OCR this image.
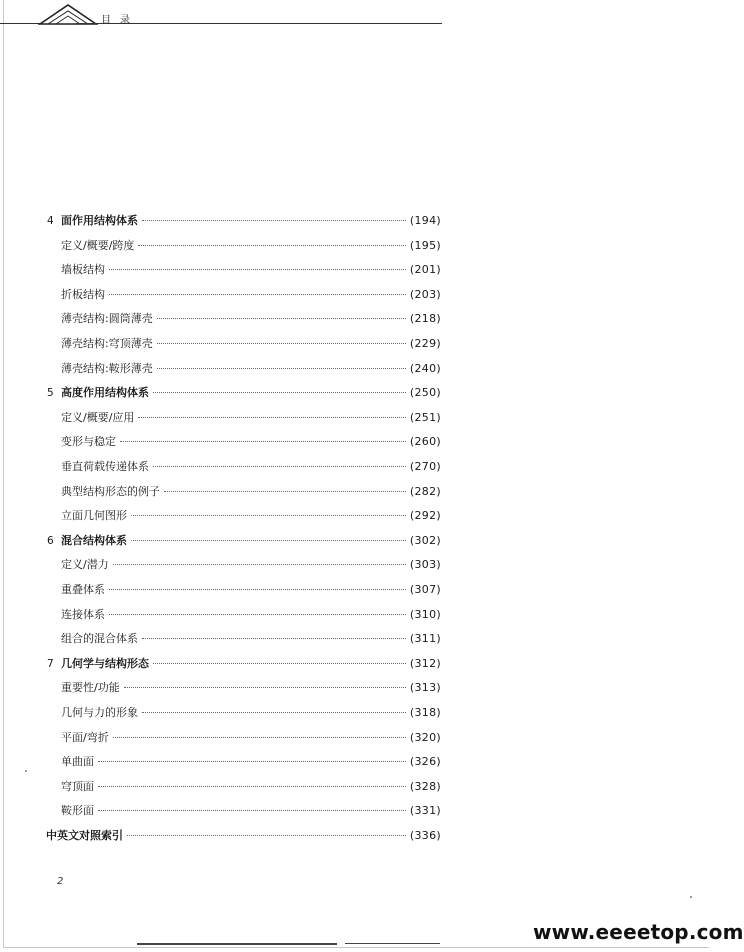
目录
4 面作用结构体系	(194)
定义/概要/跨度	(195)
墙板结构	(201)
折板结构	(203)
薄壳结构:圆筒薄壳	(218)
薄壳结构:穹顶薄壳	(229)
薄壳结构:鞍形薄壳	(240)
5 高度作用结构体系	(250)
定义/概要/应用	(251)
变形与稳定	(260)
垂直荷载传递体系	(270)
典型结构形态的例子	(282)
立面几何图形	(292)
6 混合结构体系	(302)
定义/潜力	(303)
重叠体系	(307)
连接体系	(310)
组合的混合体系	(311)
7 几何学与结构形态	(312)
重要性/功能	(313)
几何与力的形象	(318)
平面/弯折	(320)
单曲面	(326)
穹顶面	(328)
鞍形面	(331)
中英文对照索引	(336)
2
www.eeeetop.com
